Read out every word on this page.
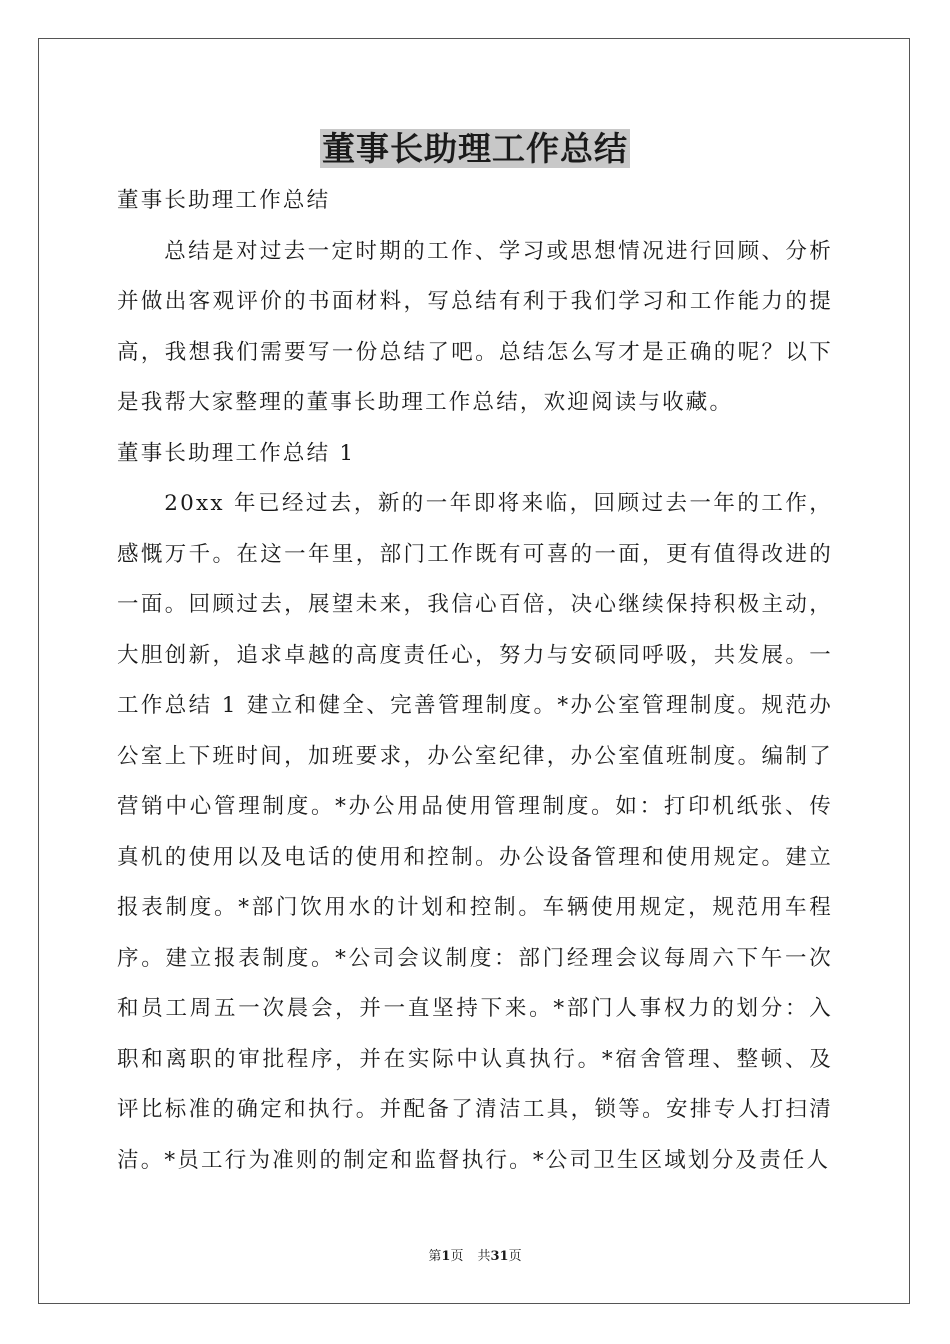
董事长助理工作总结

董事长助理工作总结

总结是对过去一定时期的工作、学习或思想情况进行回顾、分析并做出客观评价的书面材料，写总结有利于我们学习和工作能力的提高，我想我们需要写一份总结了吧。总结怎么写才是正确的呢？以下是我帮大家整理的董事长助理工作总结，欢迎阅读与收藏。

董事长助理工作总结 1

20xx 年已经过去，新的一年即将来临，回顾过去一年的工作，感慨万千。在这一年里，部门工作既有可喜的一面，更有值得改进的一面。回顾过去，展望未来，我信心百倍，决心继续保持积极主动，大胆创新，追求卓越的高度责任心，努力与安硕同呼吸，共发展。一工作总结 1 建立和健全、完善管理制度。*办公室管理制度。规范办公室上下班时间，加班要求，办公室纪律，办公室值班制度。编制了营销中心管理制度。*办公用品使用管理制度。如：打印机纸张、传真机的使用以及电话的使用和控制。办公设备管理和使用规定。建立报表制度。*部门饮用水的计划和控制。车辆使用规定，规范用车程序。建立报表制度。*公司会议制度：部门经理会议每周六下午一次和员工周五一次晨会，并一直坚持下来。*部门人事权力的划分：入职和离职的审批程序，并在实际中认真执行。*宿舍管理、整顿、及评比标准的确定和执行。并配备了清洁工具，锁等。安排专人打扫清洁。*员工行为准则的制定和监督执行。*公司卫生区域划分及责任人

第1页 共31页
